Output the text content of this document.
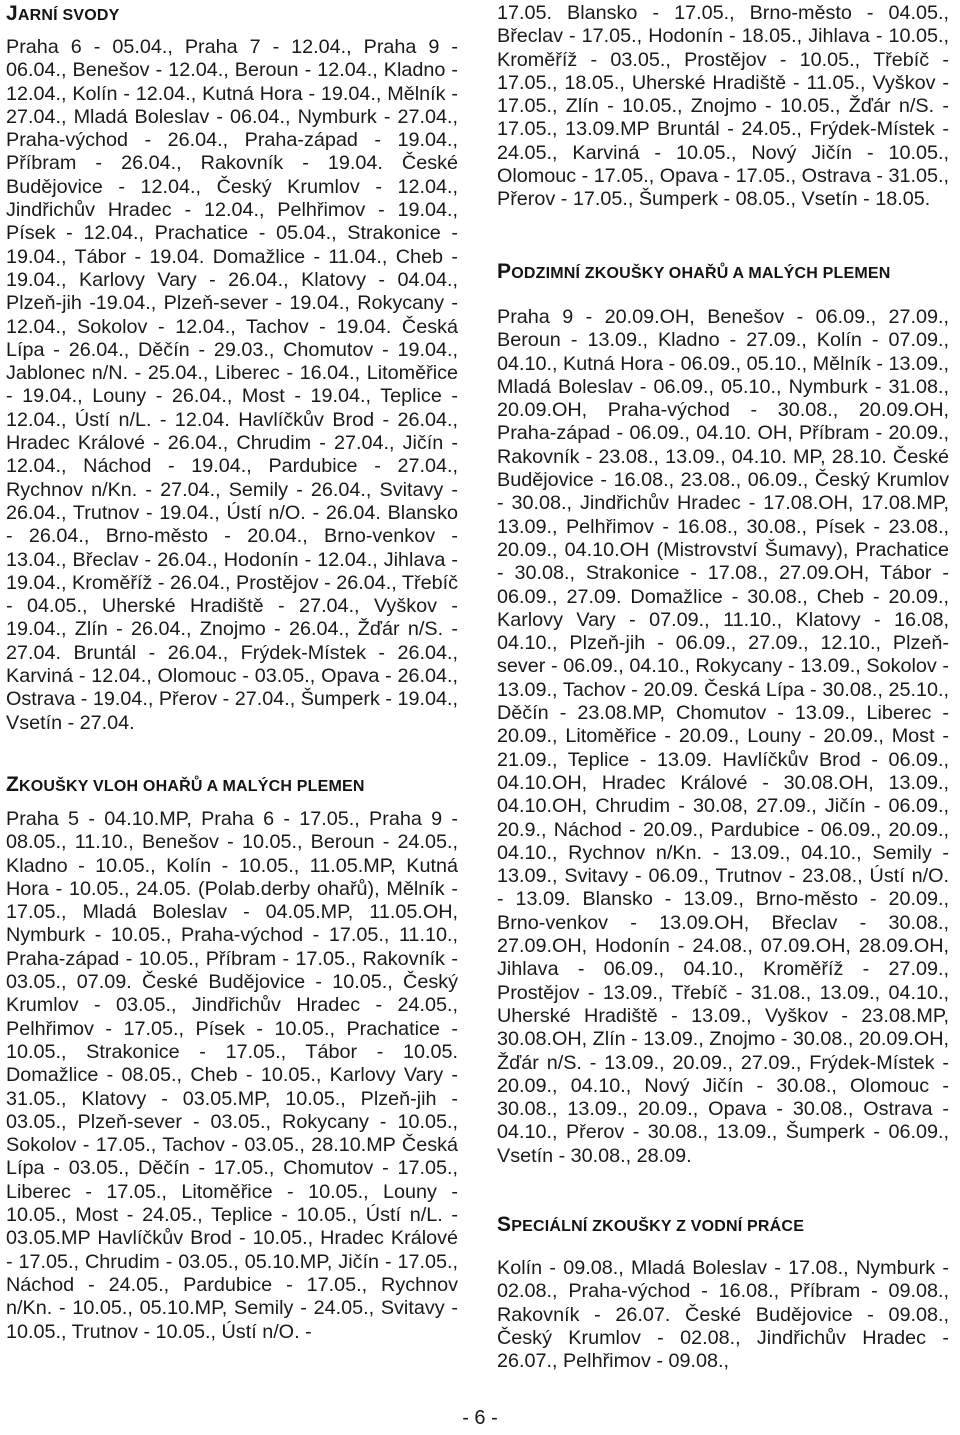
JARNÍ SVODY

Praha 6 - 05.04., Praha 7 - 12.04., Praha 9 - 06.04., Benešov - 12.04., Beroun - 12.04., Kladno - 12.04., Kolín - 12.04., Kutná Hora - 19.04., Mělník - 27.04., Mladá Boleslav - 06.04., Nymburk - 27.04., Praha-východ - 26.04., Praha-západ - 19.04., Příbram - 26.04., Rakovník - 19.04. České Budějovice - 12.04., Český Krumlov - 12.04., Jindřichův Hradec - 12.04., Pelhřimov - 19.04., Písek - 12.04., Prachatice - 05.04., Strakonice - 19.04., Tábor - 19.04. Domažlice - 11.04., Cheb - 19.04., Karlovy Vary - 26.04., Klatovy - 04.04., Plzeň-jih -19.04., Plzeň-sever - 19.04., Rokycany - 12.04., Sokolov - 12.04., Tachov - 19.04. Česká Lípa - 26.04., Děčín - 29.03., Chomutov - 19.04., Jablonec n/N. - 25.04., Liberec - 16.04., Litoměřice - 19.04., Louny - 26.04., Most - 19.04., Teplice - 12.04., Ústí n/L. - 12.04. Havlíčkův Brod - 26.04., Hradec Králové - 26.04., Chrudim - 27.04., Jičín - 12.04., Náchod - 19.04., Pardubice - 27.04., Rychnov n/Kn. - 27.04., Semily - 26.04., Svitavy - 26.04., Trutnov - 19.04., Ústí n/O. - 26.04. Blansko - 26.04., Brno-město - 20.04., Brno-venkov - 13.04., Břeclav - 26.04., Hodonín - 12.04., Jihlava - 19.04., Kroměříž - 26.04., Prostějov - 26.04., Třebíč - 04.05., Uherské Hradiště - 27.04., Vyškov - 19.04., Zlín - 26.04., Znojmo - 26.04., Žďár n/S. - 27.04. Bruntál - 26.04., Frýdek-Místek - 26.04., Karviná - 12.04., Olomouc - 03.05., Opava - 26.04., Ostrava - 19.04., Přerov - 27.04., Šumperk - 19.04., Vsetín - 27.04.

ZKOUŠKY VLOH OHAŘŮ A MALÝCH PLEMEN

Praha 5 - 04.10.MP, Praha 6 - 17.05., Praha 9 - 08.05., 11.10., Benešov - 10.05., Beroun - 24.05., Kladno - 10.05., Kolín - 10.05., 11.05.MP, Kutná Hora - 10.05., 24.05. (Polab.derby ohařů), Mělník - 17.05., Mladá Boleslav - 04.05.MP, 11.05.OH, Nymburk - 10.05., Praha-východ - 17.05., 11.10., Praha-západ - 10.05., Příbram - 17.05., Rakovník - 03.05., 07.09. České Budějovice - 10.05., Český Krumlov - 03.05., Jindřichův Hradec - 24.05., Pelhřimov - 17.05., Písek - 10.05., Prachatice - 10.05., Strakonice - 17.05., Tábor - 10.05. Domažlice - 08.05., Cheb - 10.05., Karlovy Vary - 31.05., Klatovy - 03.05.MP, 10.05., Plzeň-jih - 03.05., Plzeň-sever - 03.05., Rokycany - 10.05., Sokolov - 17.05., Tachov - 03.05., 28.10.MP Česká Lípa - 03.05., Děčín - 17.05., Chomutov - 17.05., Liberec - 17.05., Litoměřice - 10.05., Louny - 10.05., Most - 24.05., Teplice - 10.05., Ústí n/L. - 03.05.MP Havlíčkův Brod - 10.05., Hradec Králové - 17.05., Chrudim - 03.05., 05.10.MP, Jičín - 17.05., Náchod - 24.05., Pardubice - 17.05., Rychnov n/Kn. - 10.05., 05.10.MP, Semily - 24.05., Svitavy - 10.05., Trutnov - 10.05., Ústí n/O. -

17.05. Blansko - 17.05., Brno-město - 04.05., Břeclav - 17.05., Hodonín - 18.05., Jihlava - 10.05., Kroměříž - 03.05., Prostějov - 10.05., Třebíč - 17.05., 18.05., Uherské Hradiště - 11.05., Vyškov - 17.05., Zlín - 10.05., Znojmo - 10.05., Žďár n/S. - 17.05., 13.09.MP Bruntál - 24.05., Frýdek-Místek - 24.05., Karviná - 10.05., Nový Jičín - 10.05., Olomouc - 17.05., Opava - 17.05., Ostrava - 31.05., Přerov - 17.05., Šumperk - 08.05., Vsetín - 18.05.

PODZIMNÍ ZKOUŠKY OHAŘŮ A MALÝCH PLEMEN

Praha 9 - 20.09.OH, Benešov - 06.09., 27.09., Beroun - 13.09., Kladno - 27.09., Kolín - 07.09., 04.10., Kutná Hora - 06.09., 05.10., Mělník - 13.09., Mladá Boleslav - 06.09., 05.10., Nymburk - 31.08., 20.09.OH, Praha-východ - 30.08., 20.09.OH, Praha-západ - 06.09., 04.10. OH, Příbram - 20.09., Rakovník - 23.08., 13.09., 04.10. MP, 28.10. České Budějovice - 16.08., 23.08., 06.09., Český Krumlov - 30.08., Jindřichův Hradec - 17.08.OH, 17.08.MP, 13.09., Pelhřimov - 16.08., 30.08., Písek - 23.08., 20.09., 04.10.OH (Mistrovství Šumavy), Prachatice - 30.08., Strakonice - 17.08., 27.09.OH, Tábor - 06.09., 27.09. Domažlice - 30.08., Cheb - 20.09., Karlovy Vary - 07.09., 11.10., Klatovy - 16.08, 04.10., Plzeň-jih - 06.09., 27.09., 12.10., Plzeň-sever - 06.09., 04.10., Rokycany - 13.09., Sokolov - 13.09., Tachov - 20.09. Česká Lípa - 30.08., 25.10., Děčín - 23.08.MP, Chomutov - 13.09., Liberec - 20.09., Litoměřice - 20.09., Louny - 20.09., Most - 21.09., Teplice - 13.09. Havlíčkův Brod - 06.09., 04.10.OH, Hradec Králové - 30.08.OH, 13.09., 04.10.OH, Chrudim - 30.08, 27.09., Jičín - 06.09., 20.9., Náchod - 20.09., Pardubice - 06.09., 20.09., 04.10., Rychnov n/Kn. - 13.09., 04.10., Semily - 13.09., Svitavy - 06.09., Trutnov - 23.08., Ústí n/O. - 13.09. Blansko - 13.09., Brno-město - 20.09., Brno-venkov - 13.09.OH, Břeclav - 30.08., 27.09.OH, Hodonín - 24.08., 07.09.OH, 28.09.OH, Jihlava - 06.09., 04.10., Kroměříž - 27.09., Prostějov - 13.09., Třebíč - 31.08., 13.09., 04.10., Uherské Hradiště - 13.09., Vyškov - 23.08.MP, 30.08.OH, Zlín - 13.09., Znojmo - 30.08., 20.09.OH, Žďár n/S. - 13.09., 20.09., 27.09., Frýdek-Místek - 20.09., 04.10., Nový Jičín - 30.08., Olomouc - 30.08., 13.09., 20.09., Opava - 30.08., Ostrava - 04.10., Přerov - 30.08., 13.09., Šumperk - 06.09., Vsetín - 30.08., 28.09.

SPECIÁLNÍ ZKOUŠKY Z VODNÍ PRÁCE

Kolín - 09.08., Mladá Boleslav - 17.08., Nymburk - 02.08., Praha-východ - 16.08., Příbram - 09.08., Rakovník - 26.07. České Budějovice - 09.08., Český Krumlov - 02.08., Jindřichův Hradec - 26.07., Pelhřimov - 09.08.,

- 6 -
